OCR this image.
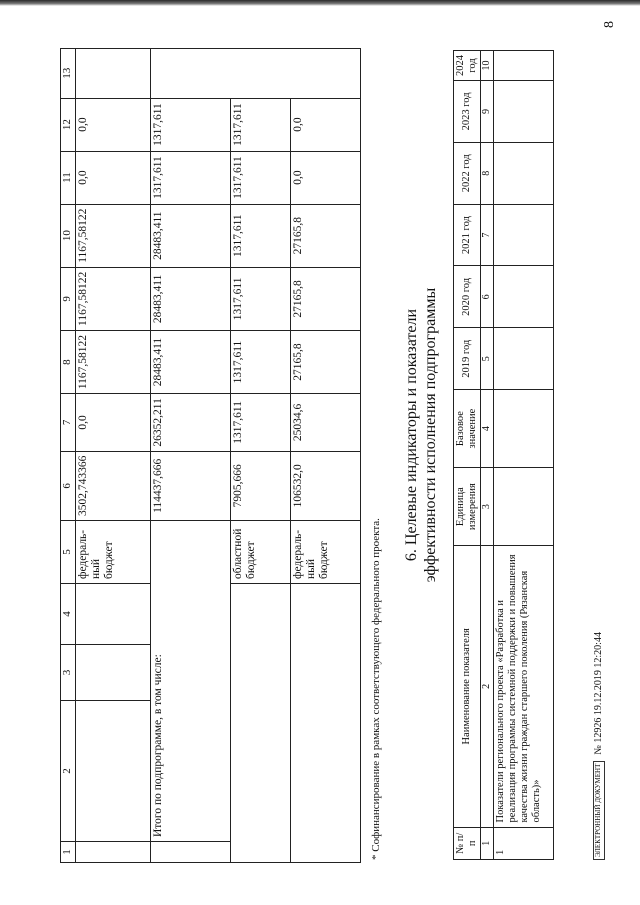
8
1	2	3	4	5	6	7	8	9	10	11	12	13
				федераль-ный бюджет	3502,743366	0,0	1167,58122	1167,58122	1167,58122	0,0	0,0	
	Итого по подпрограмме, в том числе:				114437,666	26352,211	28483,411	28483,411	28483,411	1317,611	1317,611	
				областной бюджет	7905,666	1317,611	1317,611	1317,611	1317,611	1317,611	1317,611	
				федераль-ный бюджет	106532,0	25034,6	27165,8	27165,8	27165,8	0,0	0,0	
* Софинансирование в рамках соответствующего федерального проекта.
6. Целевые индикаторы и показатели эффективности исполнения подпрограммы
№ п/п	Наименование показателя	Единица измерения	Базовое значение	2019 год	2020 год	2021 год	2022 год	2023 год	2024 год
1	2	3	4	5	6	7	8	9	10
1	Показатели регионального проекта «Разработка и реализация программы системной поддержки и повышения качества жизни граждан старшего поколения (Рязанская область)»									ЭЛЕКТРОННЫЙ ДОКУМЕНТ
№ 12926 19.12.2019 12:20:44
